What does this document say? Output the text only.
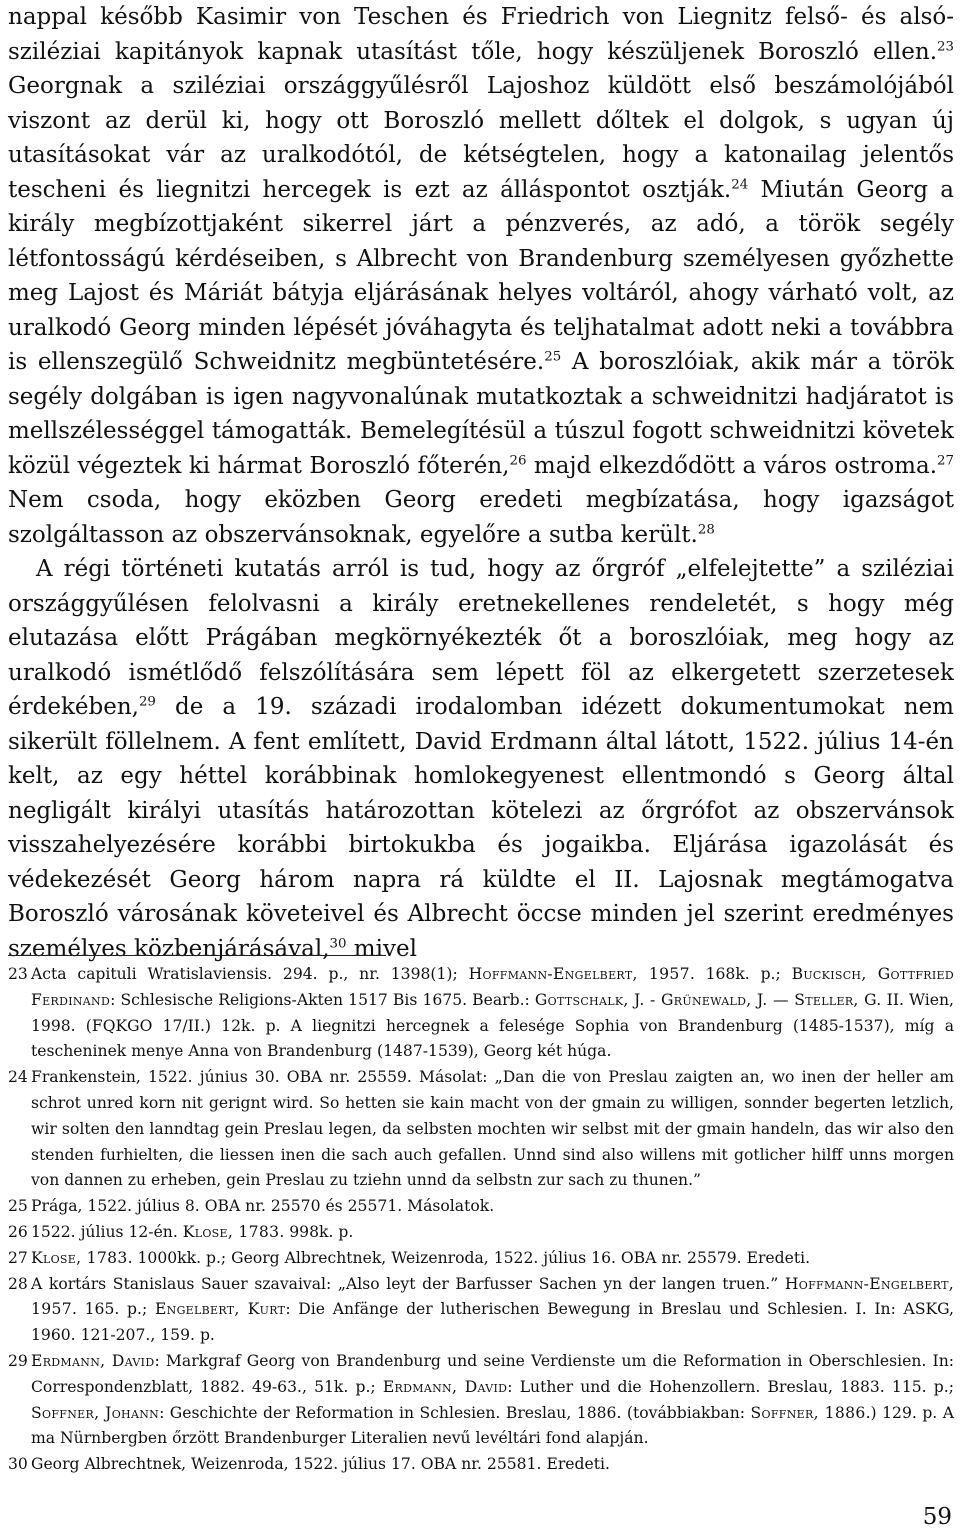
nappal később Kasimir von Teschen és Friedrich von Liegnitz felső- és alsó-sziléziai kapitányok kapnak utasítást tőle, hogy készüljenek Boroszló ellen.$^{23}$ Georgnak a sziléziai országgyűlésről Lajoshoz küldött első beszámolójából viszont az derül ki, hogy ott Boroszló mellett dőltek el dolgok, s ugyan új utasításokat vár az uralkodótól, de kétségtelen, hogy a katonailag jelentős tescheni és liegnitzi hercegek is ezt az álláspontot osztják.$^{24}$ Miután Georg a király megbízottjaként sikerrel járt a pénzverés, az adó, a török segély létfontosságú kérdéseiben, s Albrecht von Brandenburg személyesen győzhette meg Lajost és Máriát bátyja eljárásának helyes voltáról, ahogy várható volt, az uralkodó Georg minden lépését jóváhagyta és teljhatalmat adott neki a továbbra is ellenszegülő Schweidnitz megbüntetésére.$^{25}$ A boroszlóiak, akik már a török segély dolgában is igen nagyvonalúnak mutatkoztak a schweidnitzi hadjáratot is mellszélességgel támogatták. Bemelegítésül a túszul fogott schweidnitzi követek közül végeztek ki hármat Boroszló főterén,$^{26}$ majd elkezdődött a város ostroma.$^{27}$ Nem csoda, hogy eközben Georg eredeti megbízatása, hogy igazságot szolgáltasson az obszervánsoknak, egyelőre a sutba került.$^{28}$

A régi történeti kutatás arról is tud, hogy az őrgróf „elfelejtette” a sziléziai országgyűlésen felolvasni a király eretnekellenes rendeletét, s hogy még elutazása előtt Prágában megkörnyékezték őt a boroszlóiak, meg hogy az uralkodó ismétlődő felszólítására sem lépett föl az elkergetett szerzetesek érdekében,$^{29}$ de a 19. századi irodalomban idézett dokumentumokat nem sikerült föllelnem. A fent említett, David Erdmann által látott, 1522. július 14-én kelt, az egy héttel korábbinak homlokegyenest ellentmondó s Georg által negligált királyi utasítás határozottan kötelezi az őrgrófot az obszervánsok visszahelyezésére korábbi birtokukba és jogaikba. Eljárása igazolását és védekezését Georg három napra rá küldte el II. Lajosnak megtámogatva Boroszló városának követeivel és Albrecht öccse minden jel szerint eredményes személyes közbenjárásával,$^{30}$ mivel

23 Acta capituli Wratislaviensis. 294. p., nr. 1398(1); Hoffmann-Engelbert, 1957. 168k. p.; Buckisch, Gottfried Ferdinand: Schlesische Religions-Akten 1517 Bis 1675. Bearb.: Gottschalk, J. - Grünewald, J. — Steller, G. II. Wien, 1998. (FQKGO 17/II.) 12k. p. A liegnitzi hercegnek a felesége Sophia von Brandenburg (1485-1537), míg a tescheninek menye Anna von Brandenburg (1487-1539), Georg két húga.
24 Frankenstein, 1522. június 30. OBA nr. 25559. Másolat: „Dan die von Preslau zaigten an, wo inen der heller am schrot unred korn nit gerignt wird. So hetten sie kain macht von der gmain zu willigen, sonnder begerten letzlich, wir solten den lanndtag gein Preslau legen, da selbsten mochten wir selbst mit der gmain handeln, das wir also den stenden furhielten, die liessen inen die sach auch gefallen. Unnd sind also willens mit gotlicher hilff unns morgen von dannen zu erheben, gein Preslau zu tziehn unnd da selbstn zur sach zu thunen.”
25 Prága, 1522. július 8. OBA nr. 25570 és 25571. Másolatok.
26 1522. július 12-én. Klose, 1783. 998k. p.
27 Klose, 1783. 1000kk. p.; Georg Albrechtnek, Weizenroda, 1522. július 16. OBA nr. 25579. Eredeti.
28 A kortárs Stanislaus Sauer szavaival: „Also leyt der Barfusser Sachen yn der langen truen.” Hoffmann-Engelbert, 1957. 165. p.; Engelbert, Kurt: Die Anfänge der lutherischen Bewegung in Breslau und Schlesien. I. In: ASKG, 1960. 121-207., 159. p.
29 Erdmann, David: Markgraf Georg von Brandenburg und seine Verdienste um die Reformation in Oberschlesien. In: Correspondenzblatt, 1882. 49-63., 51k. p.; Erdmann, David: Luther und die Hohenzollern. Breslau, 1883. 115. p.; Soffner, Johann: Geschichte der Reformation in Schlesien. Breslau, 1886. (továbbiakban: Soffner, 1886.) 129. p. A ma Nürnbergben őrzött Brandenburger Literalien nevű levéltári fond alapján.
30 Georg Albrechtnek, Weizenroda, 1522. július 17. OBA nr. 25581. Eredeti.
59
